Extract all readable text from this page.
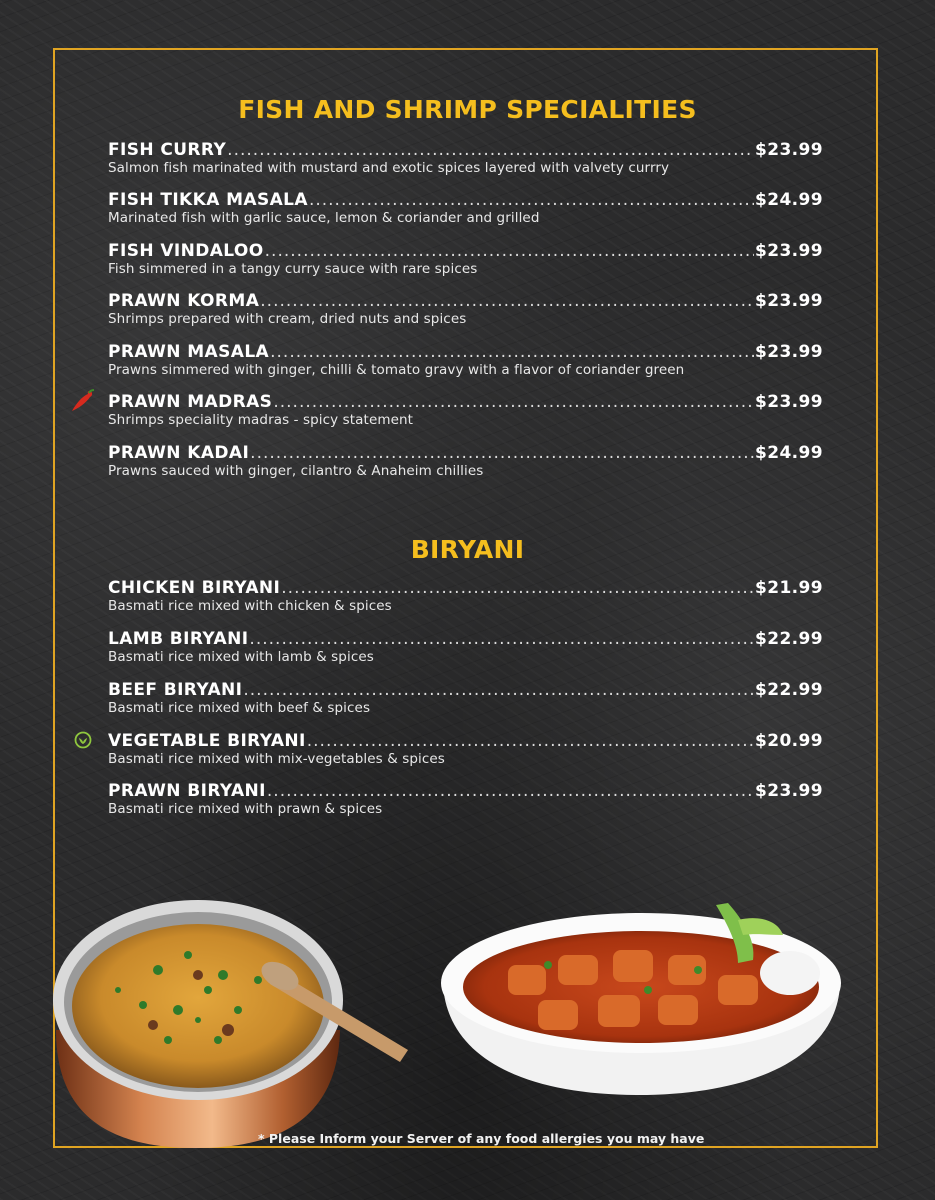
FISH AND SHRIMP SPECIALITIES
FISH CURRY .....	$23.99
Salmon fish marinated with mustard and exotic spices layered with valvety currry
FISH TIKKA MASALA .....	$24.99
Marinated fish with garlic sauce, lemon & coriander and grilled
FISH VINDALOO .....	$23.99
Fish simmered in a tangy curry sauce with rare spices
PRAWN KORMA .....	$23.99
Shrimps prepared with cream, dried nuts and spices
PRAWN MASALA .....	$23.99
Prawns simmered with ginger, chilli & tomato gravy with a flavor of coriander green
PRAWN MADRAS .....	$23.99
Shrimps speciality madras - spicy statement
PRAWN KADAI .....	$24.99
Prawns sauced with ginger, cilantro & Anaheim chillies
BIRYANI
CHICKEN BIRYANI .....	$21.99
Basmati rice mixed with chicken & spices
LAMB BIRYANI .....	$22.99
Basmati rice mixed with lamb & spices
BEEF BIRYANI .....	$22.99
Basmati rice mixed with beef & spices
VEGETABLE BIRYANI .....	$20.99
Basmati rice mixed with mix-vegetables & spices
PRAWN BIRYANI .....	$23.99
Basmati rice mixed with prawn & spices
* Please Inform your Server of any food allergies you may have
